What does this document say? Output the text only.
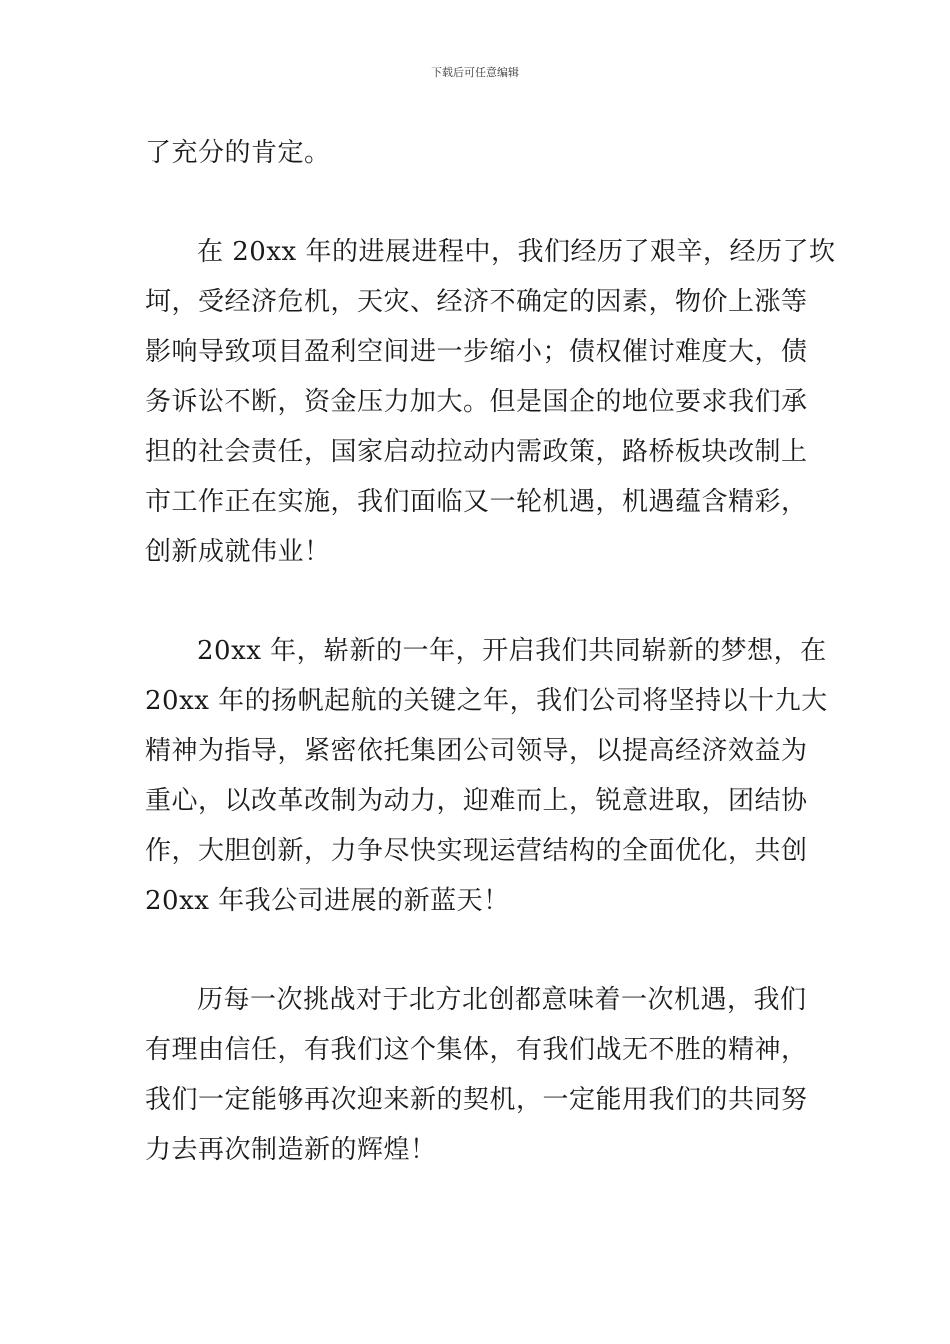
下载后可任意编辑
了充分的肯定。
在 20xx 年的进展进程中，我们经历了艰辛，经历了坎
坷，受经济危机，天灾、经济不确定的因素，物价上涨等
影响导致项目盈利空间进一步缩小；债权催讨难度大，债
务诉讼不断，资金压力加大。但是国企的地位要求我们承
担的社会责任，国家启动拉动内需政策，路桥板块改制上
市工作正在实施，我们面临又一轮机遇，机遇蕴含精彩，
创新成就伟业！
20xx 年，崭新的一年，开启我们共同崭新的梦想，在
20xx 年的扬帆起航的关键之年，我们公司将坚持以十九大
精神为指导，紧密依托集团公司领导，以提高经济效益为
重心，以改革改制为动力，迎难而上，锐意进取，团结协
作，大胆创新，力争尽快实现运营结构的全面优化，共创
20xx 年我公司进展的新蓝天！
历每一次挑战对于北方北创都意味着一次机遇，我们
有理由信任，有我们这个集体，有我们战无不胜的精神，
我们一定能够再次迎来新的契机，一定能用我们的共同努
力去再次制造新的辉煌！
